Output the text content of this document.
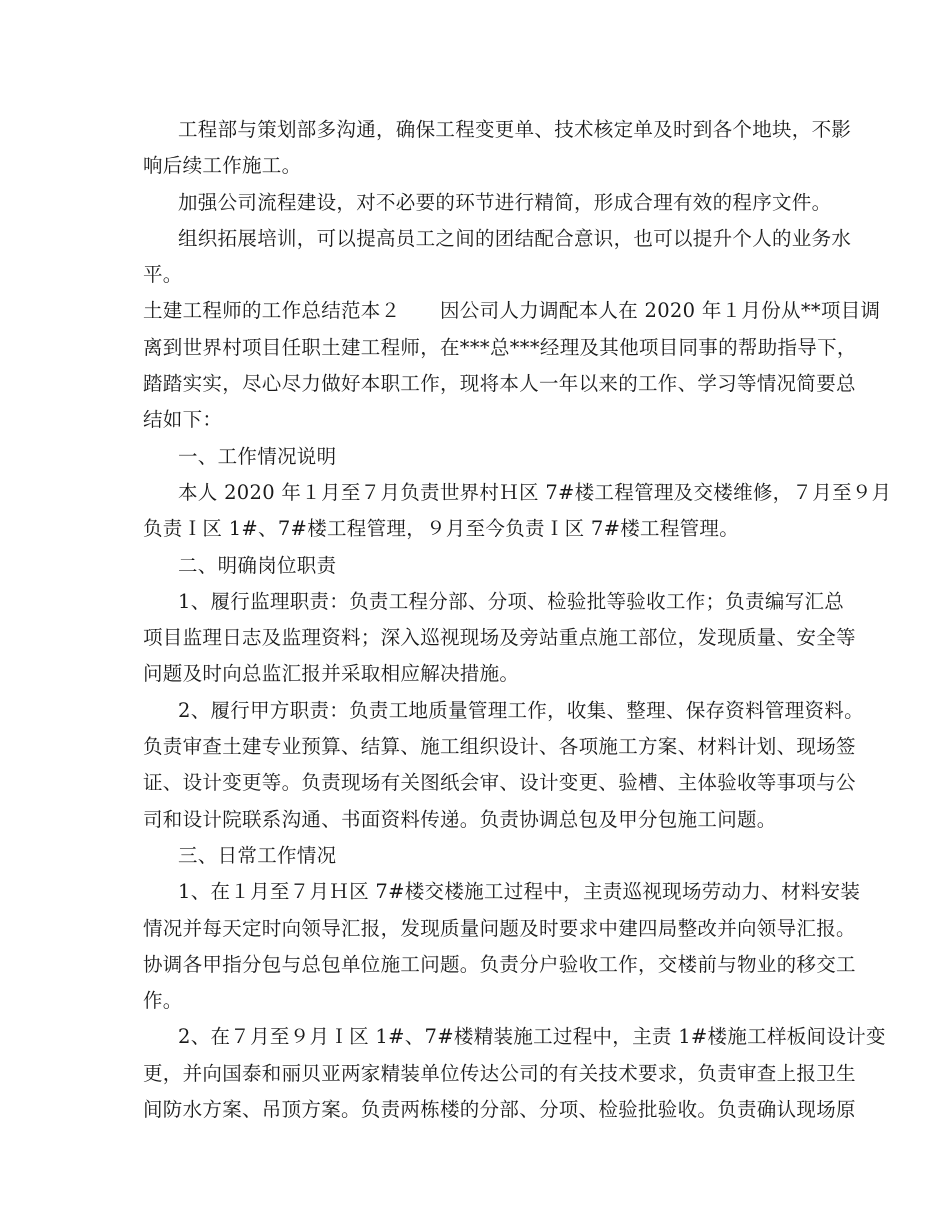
工程部与策划部多沟通，确保工程变更单、技术核定单及时到各个地块，不影
响后续工作施工。
加强公司流程建设，对不必要的环节进行精简，形成合理有效的程序文件。
组织拓展培训，可以提高员工之间的团结配合意识，也可以提升个人的业务水
平。
土建工程师的工作总结范本２　　因公司人力调配本人在 2020 年１月份从**项目调
离到世界村项目任职土建工程师，在***总***经理及其他项目同事的帮助指导下，
踏踏实实，尽心尽力做好本职工作，现将本人一年以来的工作、学习等情况简要总
结如下：
一、工作情况说明
本人 2020 年１月至７月负责世界村Ｈ区 7#楼工程管理及交楼维修，７月至９月
负责Ｉ区 1#、7#楼工程管理，９月至今负责Ｉ区 7#楼工程管理。
二、明确岗位职责
1、履行监理职责：负责工程分部、分项、检验批等验收工作；负责编写汇总
项目监理日志及监理资料；深入巡视现场及旁站重点施工部位，发现质量、安全等
问题及时向总监汇报并采取相应解决措施。
2、履行甲方职责：负责工地质量管理工作，收集、整理、保存资料管理资料。
负责审查土建专业预算、结算、施工组织设计、各项施工方案、材料计划、现场签
证、设计变更等。负责现场有关图纸会审、设计变更、验槽、主体验收等事项与公
司和设计院联系沟通、书面资料传递。负责协调总包及甲分包施工问题。
三、日常工作情况
1、在１月至７月Ｈ区 7#楼交楼施工过程中，主责巡视现场劳动力、材料安装
情况并每天定时向领导汇报，发现质量问题及时要求中建四局整改并向领导汇报。
协调各甲指分包与总包单位施工问题。负责分户验收工作，交楼前与物业的移交工
作。
2、在７月至９月Ｉ区 1#、7#楼精装施工过程中，主责 1#楼施工样板间设计变
更，并向国泰和丽贝亚两家精装单位传达公司的有关技术要求，负责审查上报卫生
间防水方案、吊顶方案。负责两栋楼的分部、分项、检验批验收。负责确认现场原
